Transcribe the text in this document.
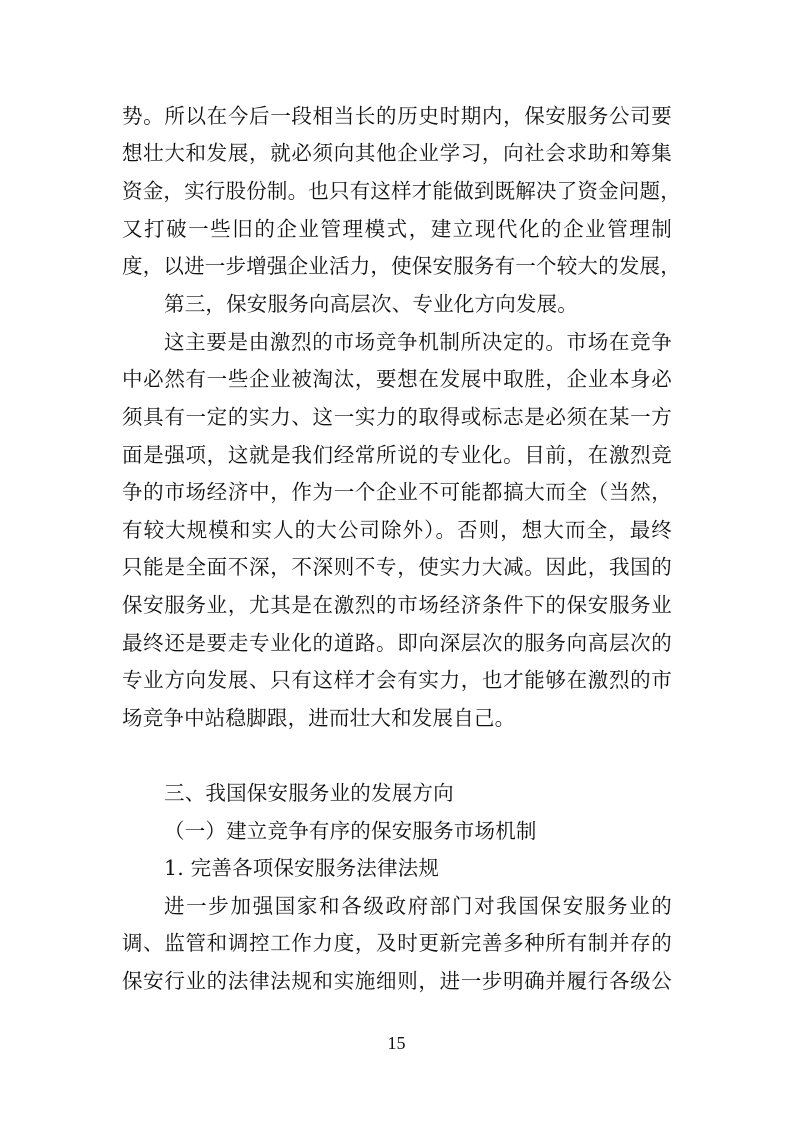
势。所以在今后一段相当长的历史时期内，保安服务公司要
想壮大和发展，就必须向其他企业学习，向社会求助和筹集
资金，实行股份制。也只有这样才能做到既解决了资金问题，
又打破一些旧的企业管理模式，建立现代化的企业管理制
度，以进一步增强企业活力，使保安服务有一个较大的发展，
第三，保安服务向高层次、专业化方向发展。
这主要是由激烈的市场竞争机制所决定的。市场在竞争
中必然有一些企业被淘汰，要想在发展中取胜，企业本身必
须具有一定的实力、这一实力的取得或标志是必须在某一方
面是强项，这就是我们经常所说的专业化。目前，在激烈竞
争的市场经济中，作为一个企业不可能都搞大而全（当然，
有较大规模和实人的大公司除外）。否则，想大而全，最终
只能是全面不深，不深则不专，使实力大减。因此，我国的
保安服务业，尤其是在激烈的市场经济条件下的保安服务业
最终还是要走专业化的道路。即向深层次的服务向高层次的
专业方向发展、只有这样才会有实力，也才能够在激烈的市
场竞争中站稳脚跟，进而壮大和发展自己。
三、我国保安服务业的发展方向
（一）建立竞争有序的保安服务市场机制
1. 完善各项保安服务法律法规
进一步加强国家和各级政府部门对我国保安服务业的
调、监管和调控工作力度，及时更新完善多种所有制并存的
保安行业的法律法规和实施细则，进一步明确并履行各级公
15
